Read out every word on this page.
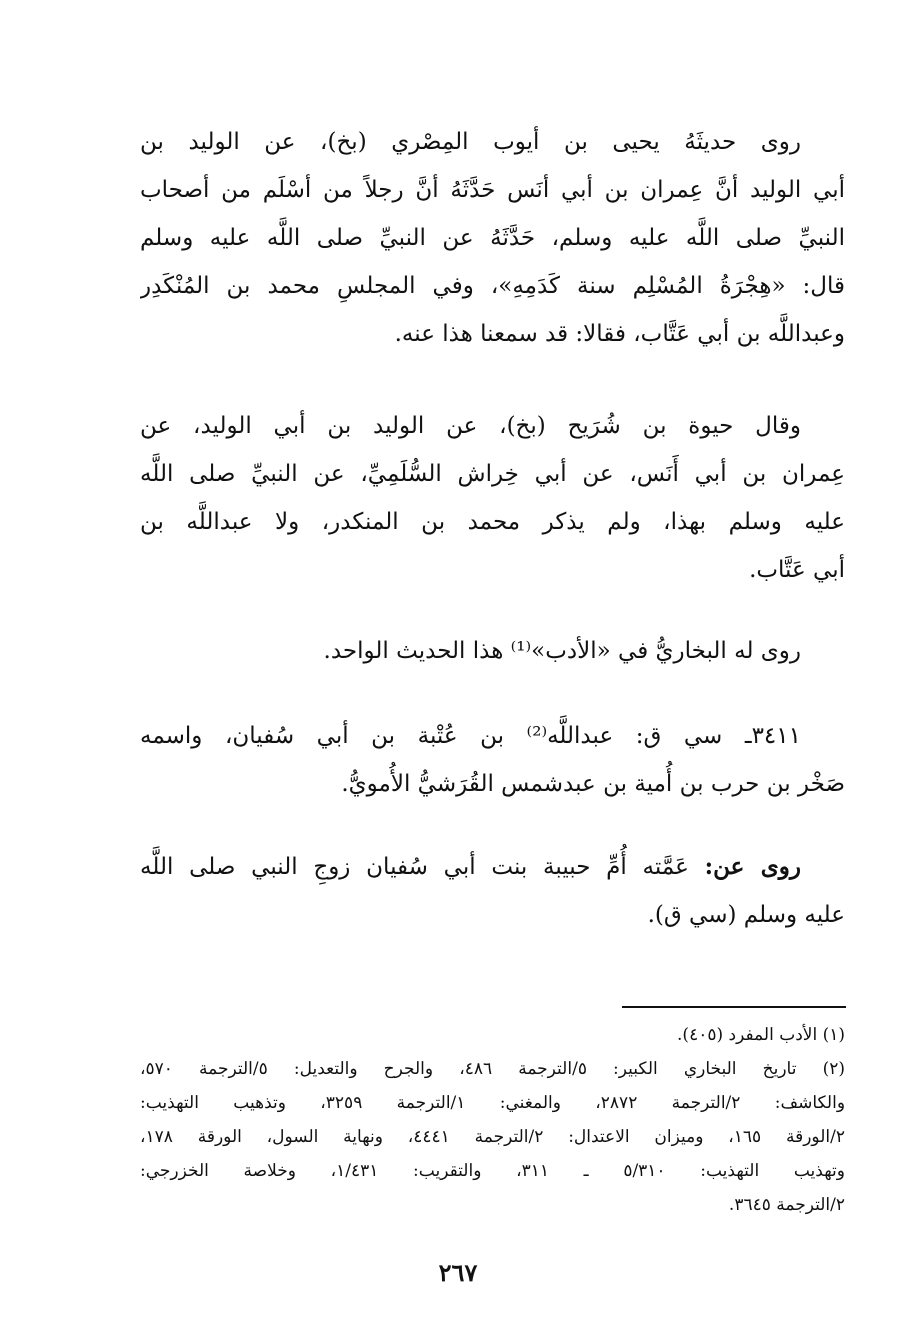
روى حديثَهُ يحيى بن أيوب المِصْري (بخ)، عن الوليد بن
أبي الوليد أنَّ عِمران بن أبي أنَس حَدَّثَهُ أنَّ رجلاً من أسْلَم من أصحاب
النبيِّ صلى اللَّه عليه وسلم، حَدَّثَهُ عن النبيِّ صلى اللَّه عليه وسلم
قال: «هِجْرَةُ المُسْلِم سنة كَدَمِهِ»، وفي المجلسِ محمد بن المُنْكَدِر
وعبداللَّه بن أبي عَتَّاب، فقالا: قد سمعنا هذا عنه.
وقال حيوة بن شُرَيح (بخ)، عن الوليد بن أبي الوليد، عن
عِمران بن أبي أَنَس، عن أبي خِراش السُّلَمِيِّ، عن النبيِّ صلى اللَّه
عليه وسلم بهذا، ولم يذكر محمد بن المنكدر، ولا عبداللَّه بن
أبي عَتَّاب.
روى له البخاريُّ في «الأدب»⁽¹⁾ هذا الحديث الواحد.
٣٤١١ـ سي ق: عبداللَّه⁽²⁾ بن عُتْبة بن أبي سُفيان، واسمه
صَخْر بن حرب بن أُمية بن عبدشمس القُرَشيُّ الأُمويُّ.
روى عن: عَمَّته أُمِّ حبيبة بنت أبي سُفيان زوجِ النبي صلى اللَّه
عليه وسلم (سي ق).
(١) الأدب المفرد (٤٠٥).
(٢) تاريخ البخاري الكبير: ٥/الترجمة ٤٨٦، والجرح والتعديل: ٥/الترجمة ٥٧٠،
والكاشف: ٢/الترجمة ٢٨٧٢، والمغني: ١/الترجمة ٣٢٥٩، وتذهيب التهذيب:
٢/الورقة ١٦٥، وميزان الاعتدال: ٢/الترجمة ٤٤٤١، ونهاية السول، الورقة ١٧٨،
وتهذيب التهذيب: ٥/٣١٠ ـ ٣١١، والتقريب: ١/٤٣١، وخلاصة الخزرجي:
٢/الترجمة ٣٦٤٥.
٢٦٧
